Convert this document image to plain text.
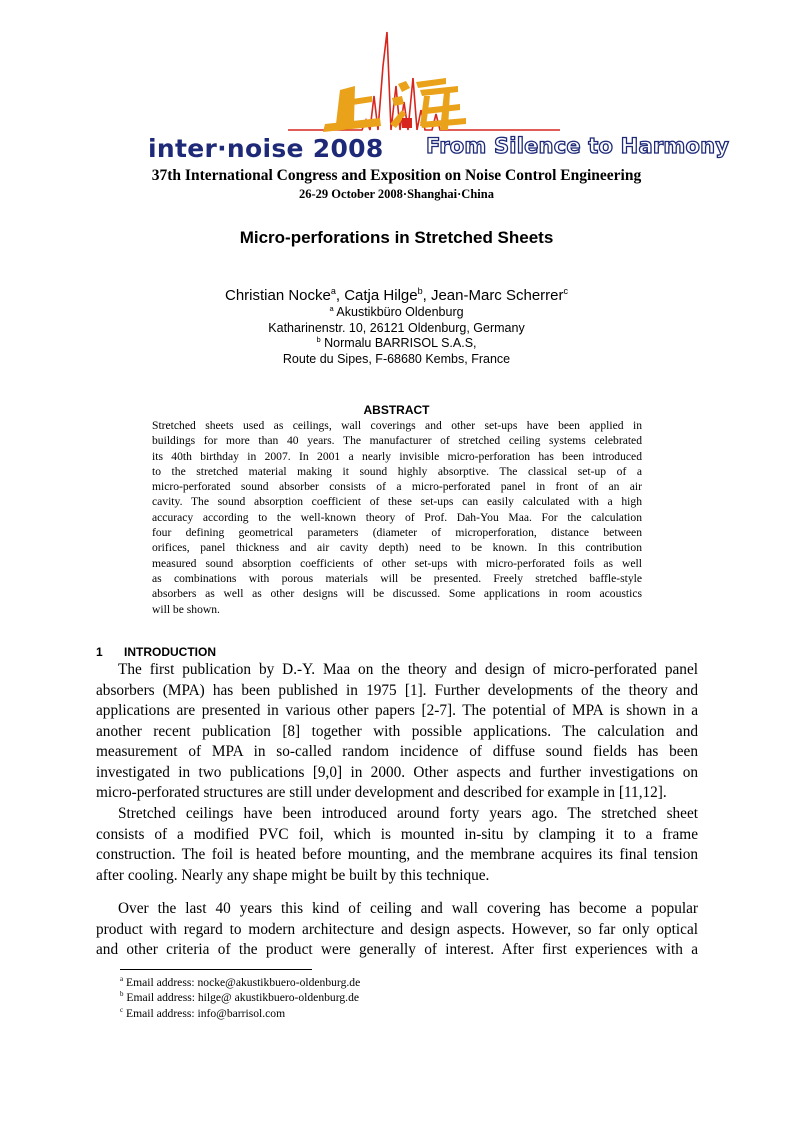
inter·noise 2008 From Silence to Harmony
37th International Congress and Exposition on Noise Control Engineering
26-29 October 2008·Shanghai·China
Micro-perforations in Stretched Sheets
Christian Nocke$^a$, Catja Hilge$^b$, Jean-Marc Scherrer$^c$
$^a$ Akustikbüro Oldenburg
Katharinenstr. 10, 26121 Oldenburg, Germany
$^b$ Normalu BARRISOL S.A.S,
Route du Sipes, F-68680 Kembs, France
ABSTRACT
Stretched sheets used as ceilings, wall coverings and other set-ups have been applied in
buildings for more than 40 years. The manufacturer of stretched ceiling systems celebrated
its 40th birthday in 2007. In 2001 a nearly invisible micro-perforation has been introduced
to the stretched material making it sound highly absorptive. The classical set-up of a
micro-perforated sound absorber consists of a micro-perforated panel in front of an air
cavity. The sound absorption coefficient of these set-ups can easily calculated with a high
accuracy according to the well-known theory of Prof. Dah-You Maa. For the calculation
four defining geometrical parameters (diameter of microperforation, distance between
orifices, panel thickness and air cavity depth) need to be known. In this contribution
measured sound absorption coefficients of other set-ups with micro-perforated foils as well
as combinations with porous materials will be presented. Freely stretched baffle-style
absorbers as well as other designs will be discussed. Some applications in room acoustics
will be shown.
1 INTRODUCTION
The first publication by D.-Y. Maa on the theory and design of micro-perforated panel
absorbers (MPA) has been published in 1975 [1]. Further developments of the theory and
applications are presented in various other papers [2-7]. The potential of MPA is shown in a
another recent publication [8] together with possible applications. The calculation and
measurement of MPA in so-called random incidence of diffuse sound fields has been
investigated in two publications [9,0] in 2000. Other aspects and further investigations on
micro-perforated structures are still under development and described for example in [11,12].
Stretched ceilings have been introduced around forty years ago. The stretched sheet
consists of a modified PVC foil, which is mounted in-situ by clamping it to a frame
construction. The foil is heated before mounting, and the membrane acquires its final tension
after cooling. Nearly any shape might be built by this technique.
Over the last 40 years this kind of ceiling and wall covering has become a popular
product with regard to modern architecture and design aspects. However, so far only optical
and other criteria of the product were generally of interest. After first experiences with a
$^a$ Email address: nocke@akustikbuero-oldenburg.de
$^b$ Email address: hilge@ akustikbuero-oldenburg.de
$^c$ Email address: info@barrisol.com
